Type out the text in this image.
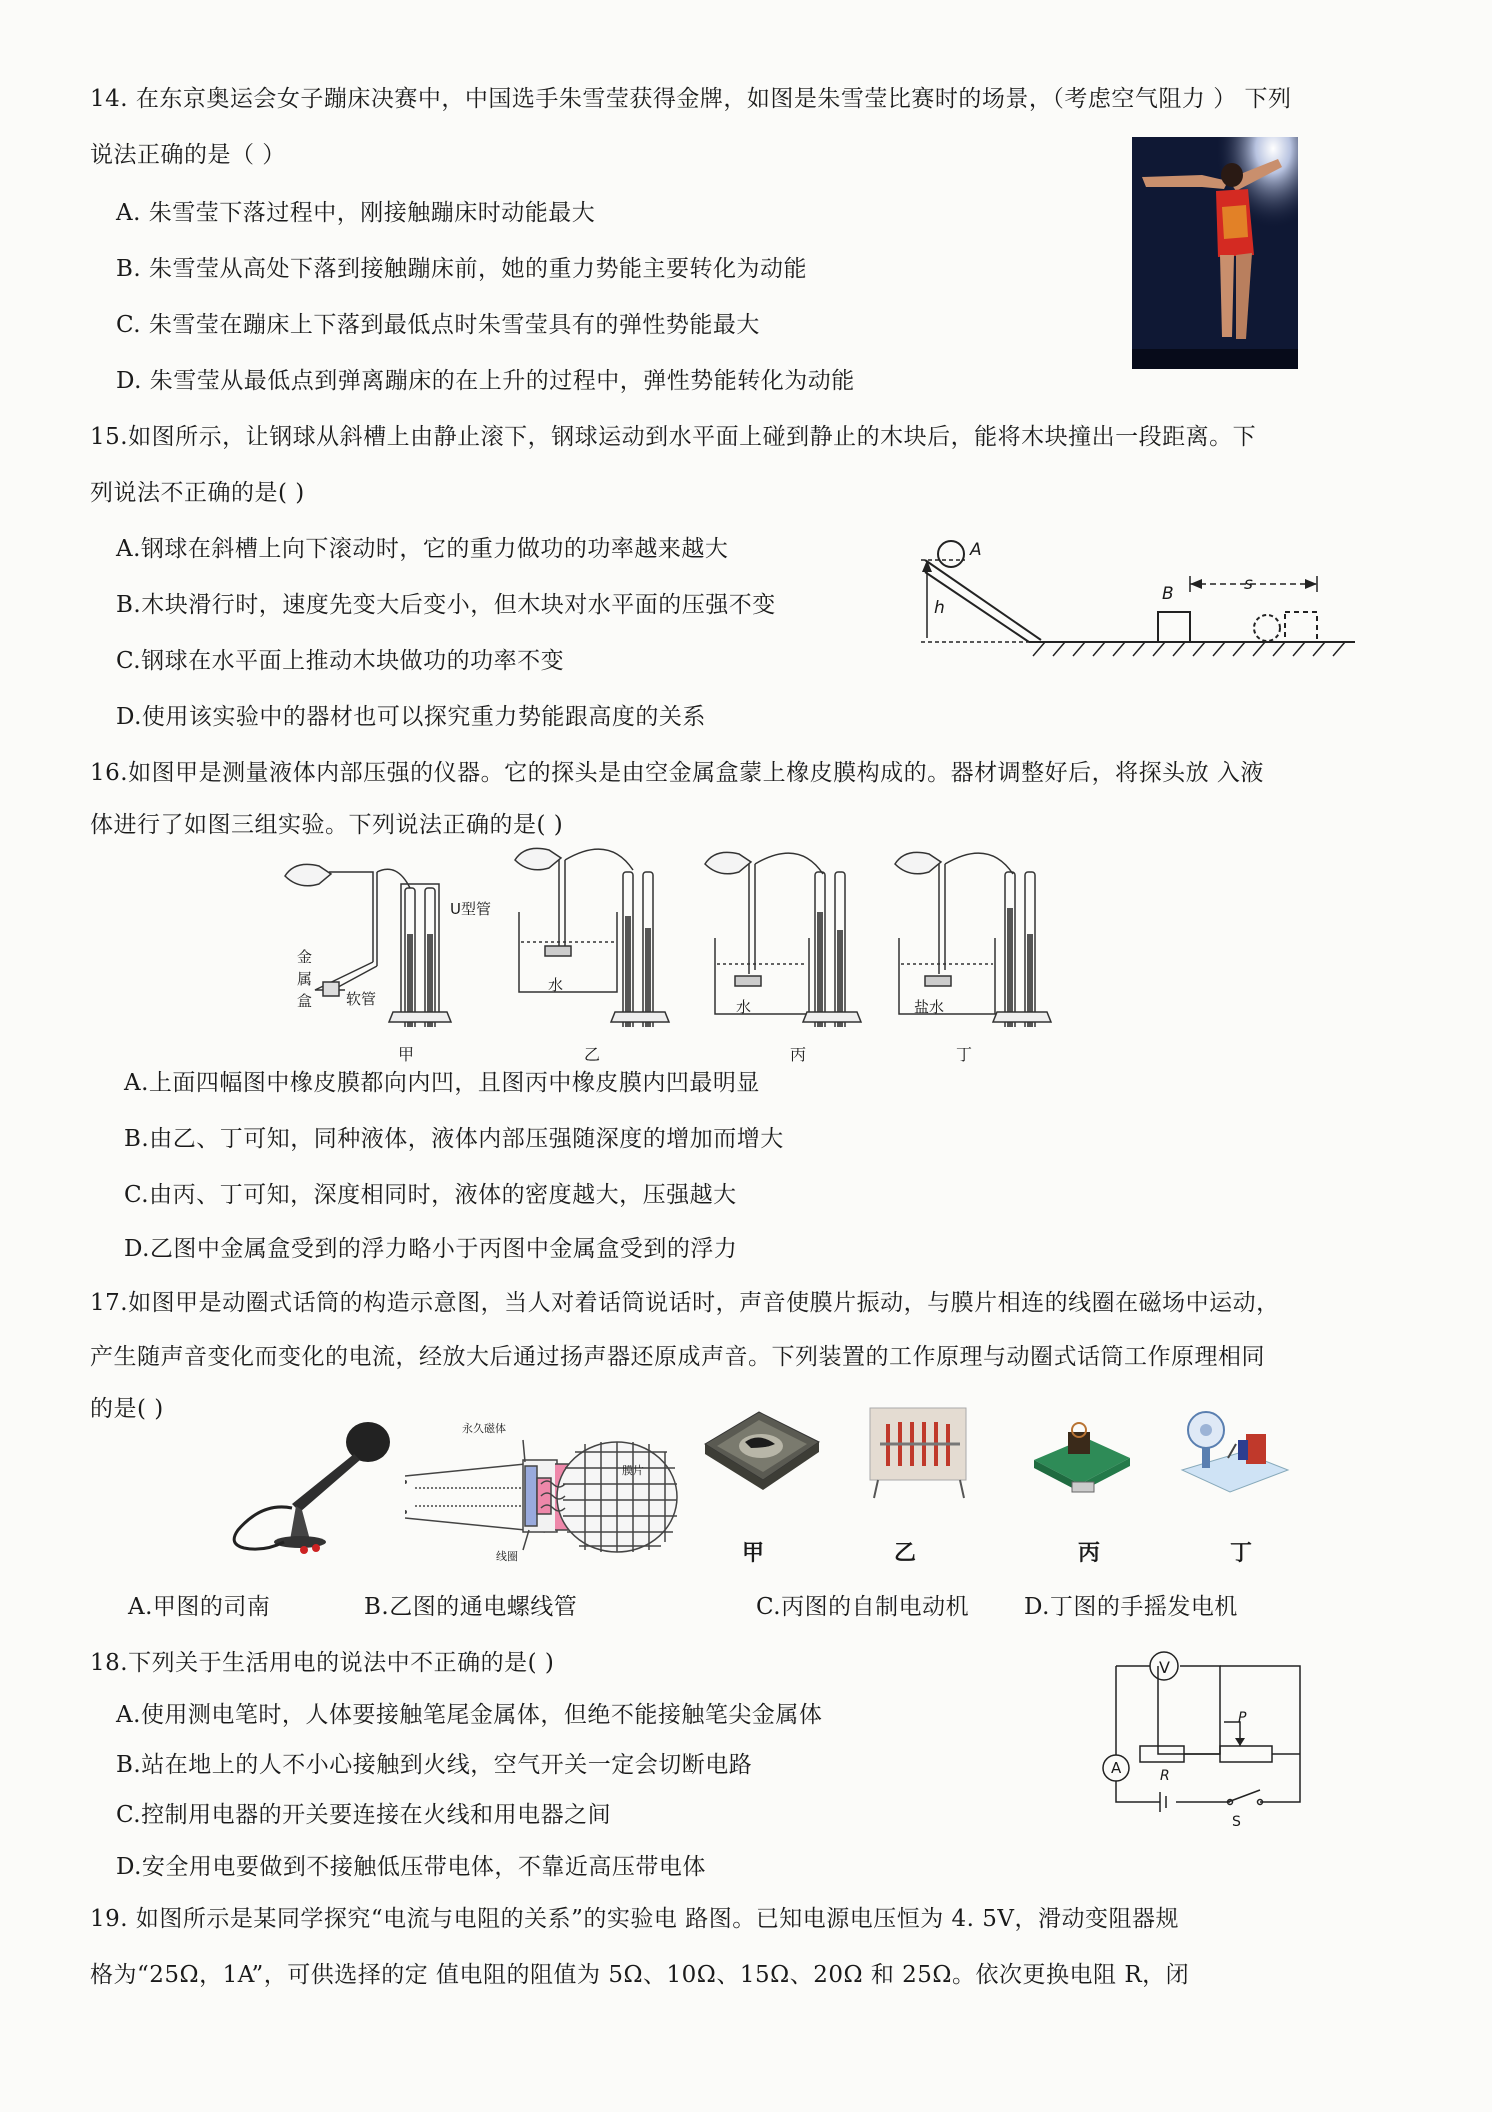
14. 在东京奥运会女子蹦床决赛中，中国选手朱雪莹获得金牌，如图是朱雪莹比赛时的场景，（考虑空气阻力 ） 下列
说法正确的是（ ）
A. 朱雪莹下落过程中，刚接触蹦床时动能最大
B. 朱雪莹从高处下落到接触蹦床前，她的重力势能主要转化为动能
C. 朱雪莹在蹦床上下落到最低点时朱雪莹具有的弹性势能最大
D. 朱雪莹从最低点到弹离蹦床的在上升的过程中，弹性势能转化为动能
15.如图所示，让钢球从斜槽上由静止滚下，钢球运动到水平面上碰到静止的木块后，能将木块撞出一段距离。下
列说法不正确的是( )
A.钢球在斜槽上向下滚动时，它的重力做功的功率越来越大
B.木块滑行时，速度先变大后变小，但木块对水平面的压强不变
C.钢球在水平面上推动木块做功的功率不变
D.使用该实验中的器材也可以探究重力势能跟高度的关系
A
h
B	s
16.如图甲是测量液体内部压强的仪器。它的探头是由空金属盒蒙上橡皮膜构成的。器材调整好后，将探头放 入液
体进行了如图三组实验。下列说法正确的是( )
U型管
金
属
盒 软管
水
水	盐水
甲	乙	丙	丁
A.上面四幅图中橡皮膜都向内凹，且图丙中橡皮膜内凹最明显
B.由乙、丁可知，同种液体，液体内部压强随深度的增加而增大
C.由丙、丁可知，深度相同时，液体的密度越大，压强越大
D.乙图中金属盒受到的浮力略小于丙图中金属盒受到的浮力
17.如图甲是动圈式话筒的构造示意图，当人对着话筒说话时，声音使膜片振动，与膜片相连的线圈在磁场中运动，
产生随声音变化而变化的电流，经放大后通过扬声器还原成声音。下列装置的工作原理与动圈式话筒工作原理相同
的是( )
永久磁体
线圈
膜片
甲	乙	丙	丁
A.甲图的司南	B.乙图的通电螺线管	C.丙图的自制电动机 D.丁图的手摇发电机
18.下列关于生活用电的说法中不正确的是( )
A.使用测电笔时，人体要接触笔尾金属体，但绝不能接触笔尖金属体
B.站在地上的人不小心接触到火线，空气开关一定会切断电路
C.控制用电器的开关要连接在火线和用电器之间
D.安全用电要做到不接触低压带电体，不靠近高压带电体
V
A	R
P
S
19. 如图所示是某同学探究“电流与电阻的关系”的实验电 路图。已知电源电压恒为 4. 5V，滑动变阻器规
格为“25Ω，1A”，可供选择的定 值电阻的阻值为 5Ω、10Ω、15Ω、20Ω 和 25Ω。依次更换电阻 R，闭
